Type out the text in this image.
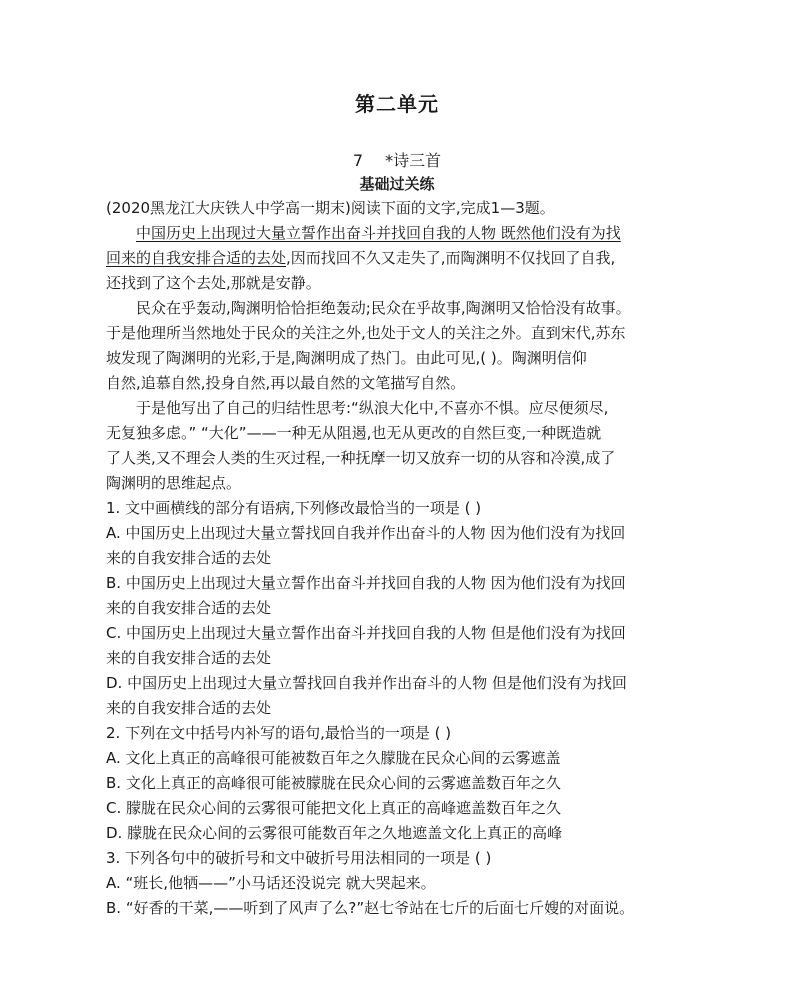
第二单元
7 *诗三首
基础过关练
(2020黑龙江大庆铁人中学高一期末)阅读下面的文字,完成1—3题。
中国历史上出现过大量立誓作出奋斗并找回自我的人物 既然他们没有为找
回来的自我安排合适的去处,因而找回不久又走失了,而陶渊明不仅找回了自我,
还找到了这个去处,那就是安静。
民众在乎轰动,陶渊明恰恰拒绝轰动;民众在乎故事,陶渊明又恰恰没有故事。
于是他理所当然地处于民众的关注之外,也处于文人的关注之外。直到宋代,苏东
坡发现了陶渊明的光彩,于是,陶渊明成了热门。由此可见,( )。陶渊明信仰
自然,追慕自然,投身自然,再以最自然的文笔描写自然。
于是他写出了自己的归结性思考:“纵浪大化中,不喜亦不惧。应尽便须尽,
无复独多虑。” “大化”——一种无从阻遏,也无从更改的自然巨变,一种既造就
了人类,又不理会人类的生灭过程,一种抚摩一切又放弃一切的从容和冷漠,成了
陶渊明的思维起点。
1. 文中画横线的部分有语病,下列修改最恰当的一项是 ( )
A. 中国历史上出现过大量立誓找回自我并作出奋斗的人物 因为他们没有为找回
来的自我安排合适的去处
B. 中国历史上出现过大量立誓作出奋斗并找回自我的人物 因为他们没有为找回
来的自我安排合适的去处
C. 中国历史上出现过大量立誓作出奋斗并找回自我的人物 但是他们没有为找回
来的自我安排合适的去处
D. 中国历史上出现过大量立誓找回自我并作出奋斗的人物 但是他们没有为找回
来的自我安排合适的去处
2. 下列在文中括号内补写的语句,最恰当的一项是 ( )
A. 文化上真正的高峰很可能被数百年之久朦胧在民众心间的云雾遮盖
B. 文化上真正的高峰很可能被朦胧在民众心间的云雾遮盖数百年之久
C. 朦胧在民众心间的云雾很可能把文化上真正的高峰遮盖数百年之久
D. 朦胧在民众心间的云雾很可能数百年之久地遮盖文化上真正的高峰
3. 下列各句中的破折号和文中破折号用法相同的一项是 ( )
A. “班长,他牺——”小马话还没说完 就大哭起来。
B. “好香的干菜,——听到了风声了么?”赵七爷站在七斤的后面七斤嫂的对面说。
